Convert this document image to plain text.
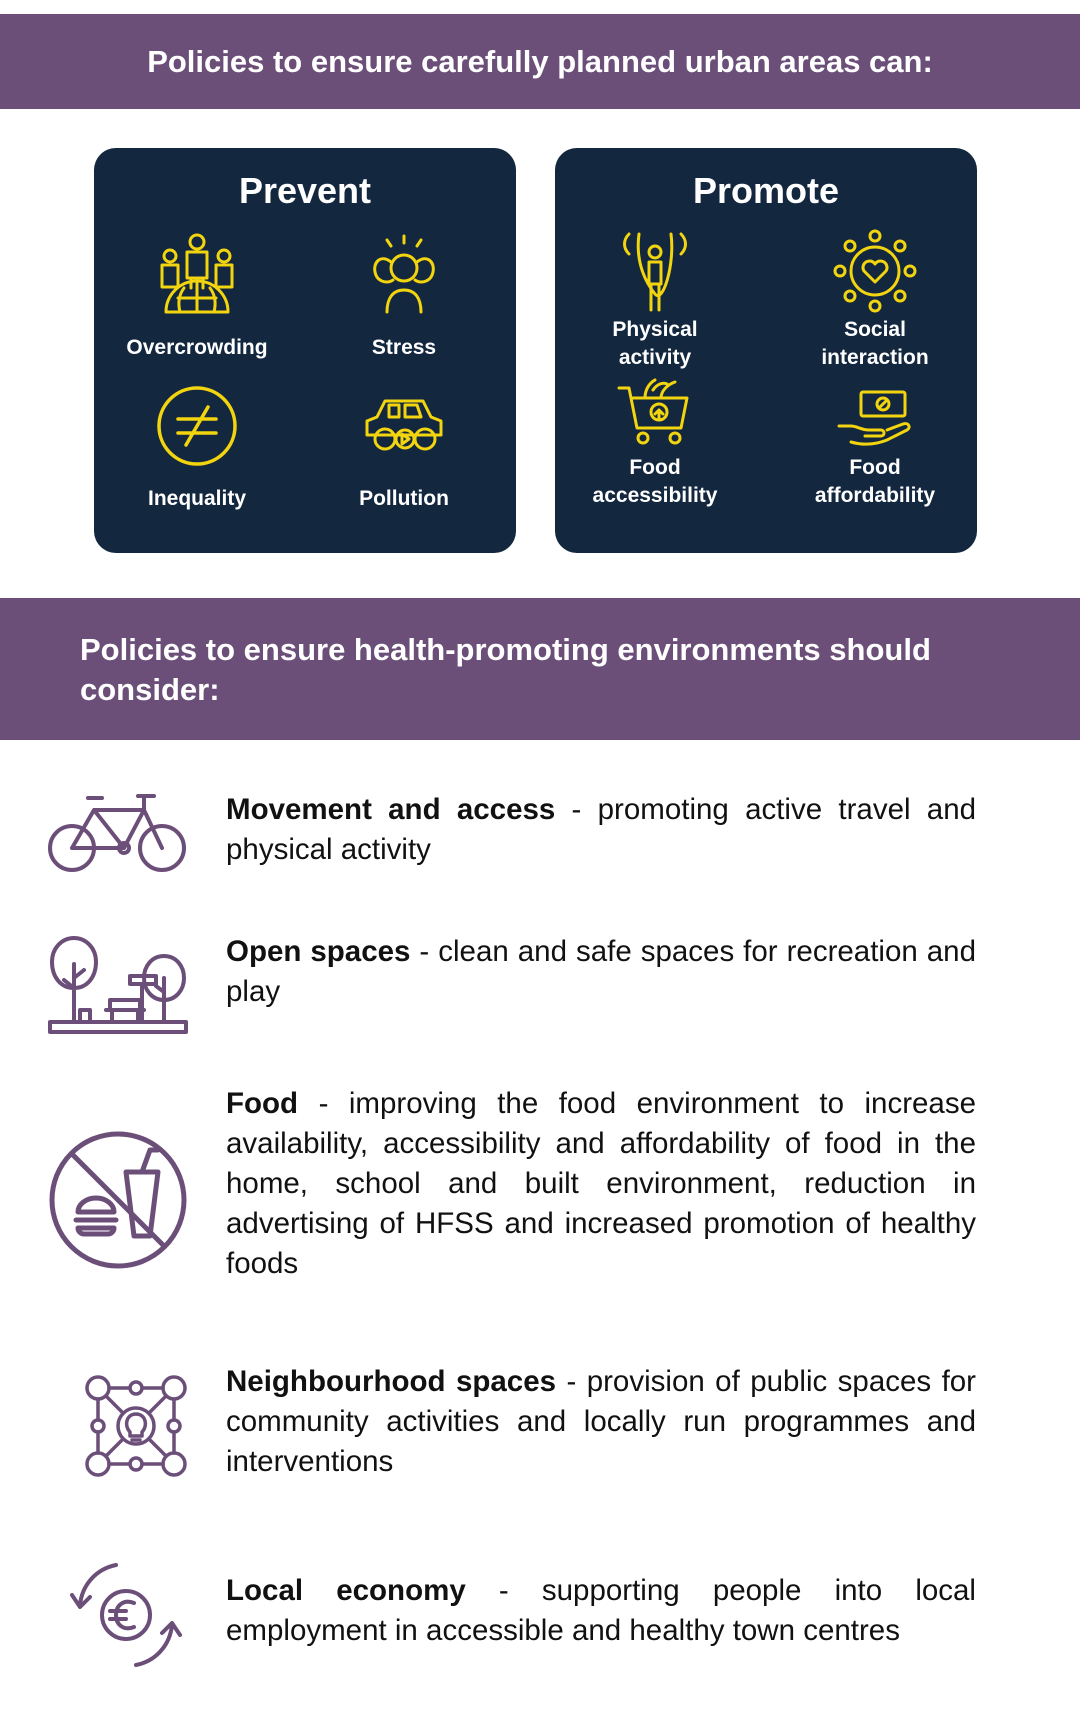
Policies to ensure carefully planned urban areas can:
Prevent
Overcrowding	Stress
Inequality	Pollution
Promote
Physical
activity
Social
interaction
Food
accessibility
Food
affordability
Policies to ensure health-promoting environments should consider:
Movement and access - promoting active travel and physical activity
Open spaces - clean and safe spaces for recreation and play
Food - improving the food environment to increase availability, accessibility and affordability of food in the home, school and built environment, reduction in advertising of HFSS and increased promotion of healthy foods
Neighbourhood spaces - provision of public spaces for community activities and locally run programmes and interventions
Local economy - supporting people into local employment in accessible and healthy town centres
